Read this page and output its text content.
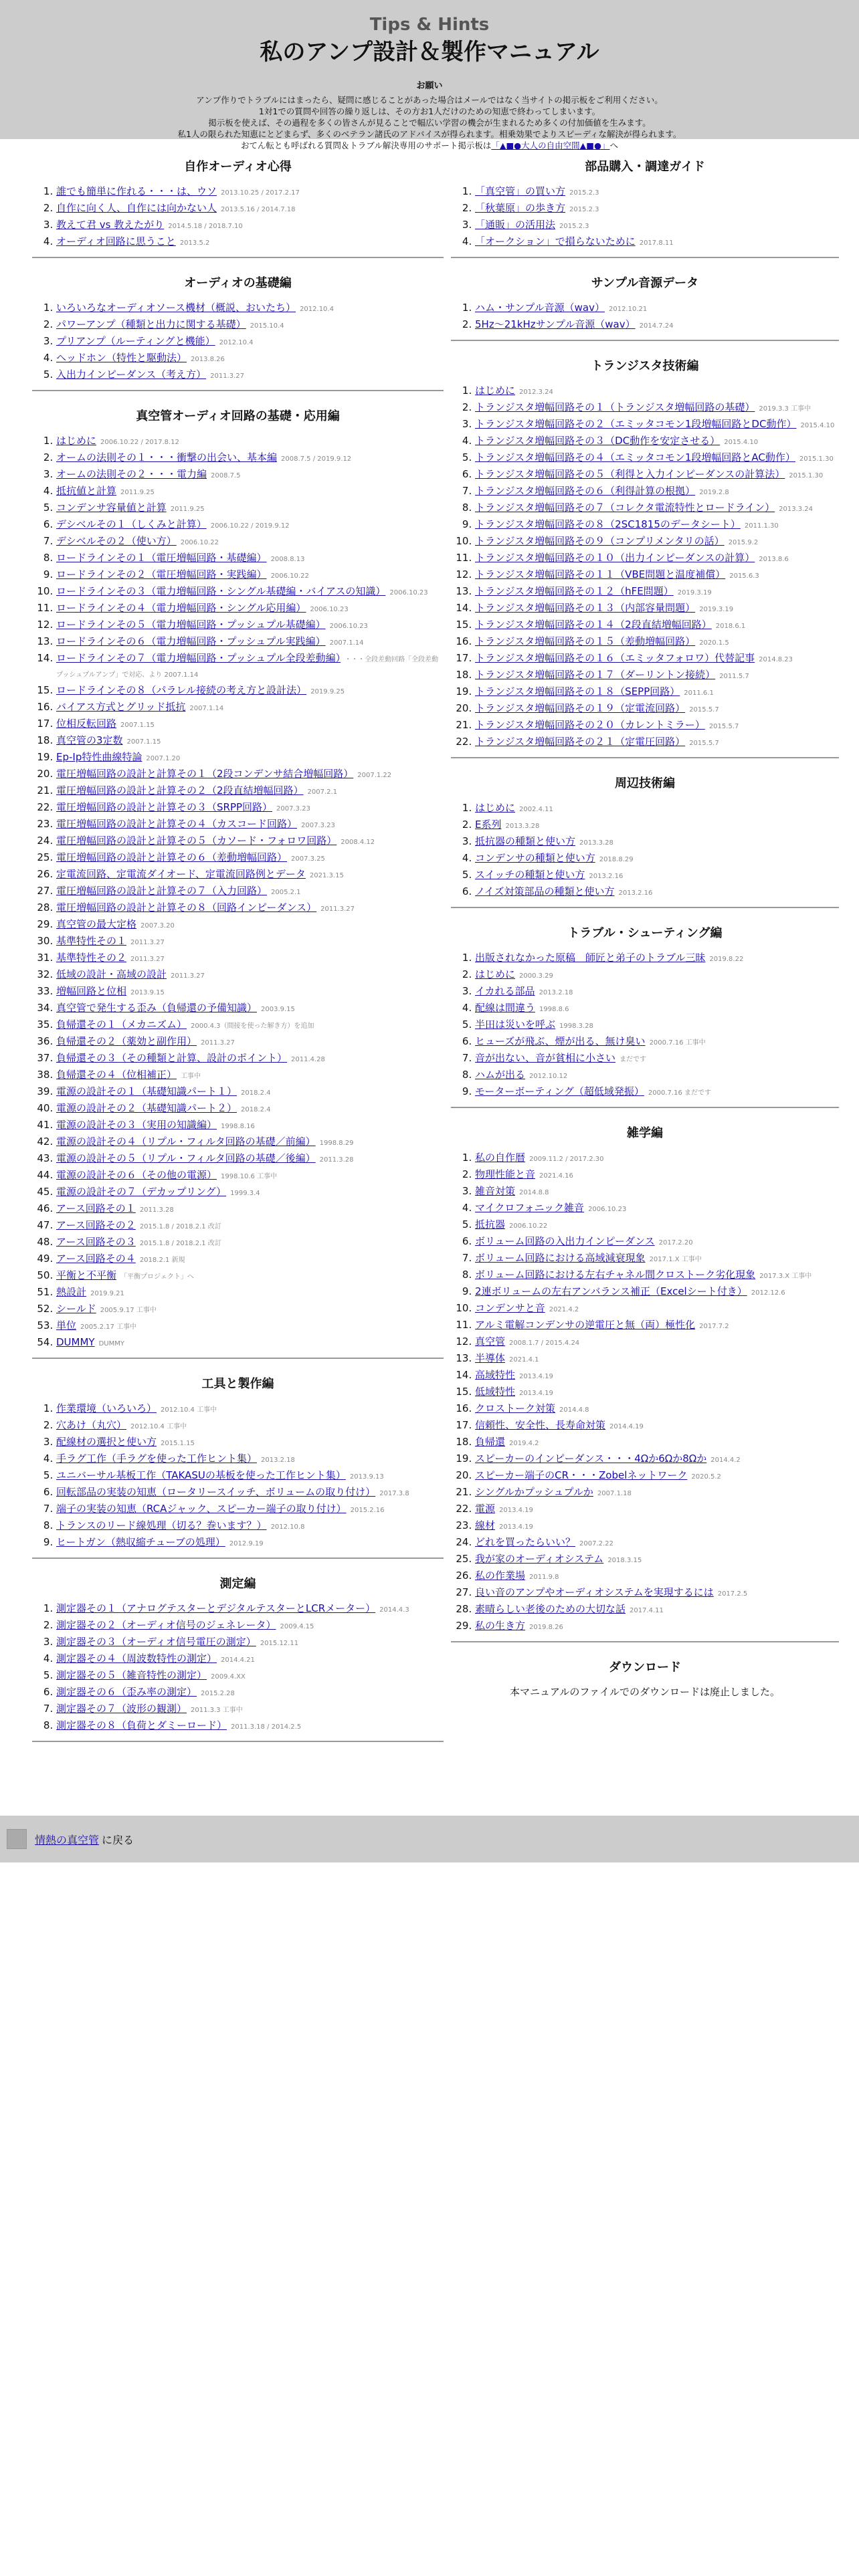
Tips & Hints
私のアンプ設計＆製作マニュアル

お願い

アンプ作りでトラブルにはまったら、疑問に感じることがあった場合はメールではなく当サイトの掲示板をご利用ください。

1対1での質問や回答の繰り返しは、その方お1人だけのための知恵で終わってしまいます。

掲示板を使えば、その過程を多くの皆さんが見ることで幅広い学習の機会が生まれるため多くの付加価値を生みます。

私1人の限られた知恵にとどまらず、多くのベテラン諸氏のアドバイスが得られます。相乗効果でよりスピーディな解決が得られます。

おてん転とも呼ばれる質問＆トラブル解決専用のサポート掲示板は「▲■●大人の自由空間▲■●」へ

自作オーディオ心得
1. 誰でも簡単に作れる・・・は、ウソ 2013.10.25 / 2017.2.17
2. 自作に向く人、自作には向かない人 2013.5.16 / 2014.7.18
3. 教えて君 vs 教えたがり 2014.5.18 / 2018.7.10
4. オーディオ回路に思うこと 2013.5.2
オーディオの基礎編
1. いろいろなオーディオソース機材（概説、おいたち） 2012.10.4
2. パワーアンプ（種類と出力に関する基礎） 2015.10.4
3. プリアンプ（ルーティングと機能） 2012.10.4
4. ヘッドホン（特性と駆動法） 2013.8.26
5. 入出力インピーダンス（考え方） 2011.3.27
真空管オーディオ回路の基礎・応用編
1. はじめに 2006.10.22 / 2017.8.12
2. オームの法則その１・・・衝撃の出会い、基本編 2008.7.5 / 2019.9.12
3. オームの法則その２・・・電力編 2008.7.5
4. 抵抗値と計算 2011.9.25
5. コンデンサ容量値と計算 2011.9.25
6. デシベルその１（しくみと計算） 2006.10.22 / 2019.9.12
7. デシベルその２（使い方） 2006.10.22
8. ロードラインその１（電圧増幅回路・基礎編） 2008.8.13
9. ロードラインその２（電圧増幅回路・実践編） 2006.10.22
10. ロードラインその３（電力増幅回路・シングル基礎編・バイアスの知識） 2006.10.23
11. ロードラインその４（電力増幅回路・シングル応用編） 2006.10.23
12. ロードラインその５（電力増幅回路・プッシュプル基礎編） 2006.10.23
13. ロードラインその６（電力増幅回路・プッシュプル実践編） 2007.1.14
14. ロードラインその７（電力増幅回路・プッシュプル全段差動編） ・・・全段差動回路「全段差動プッシュプルアンプ」で対応、より 2007.1.14
15. ロードラインその８（パラレル接続の考え方と設計法） 2019.9.25
16. バイアス方式とグリッド抵抗 2007.1.14
17. 位相反転回路 2007.1.15
18. 真空管の3定数 2007.1.15
19. Ep-Ip特性曲線特論 2007.1.20
20. 電圧増幅回路の設計と計算その１（2段コンデンサ結合増幅回路） 2007.1.22
21. 電圧増幅回路の設計と計算その２（2段直結増幅回路） 2007.2.1
22. 電圧増幅回路の設計と計算その３（SRPP回路） 2007.3.23
23. 電圧増幅回路の設計と計算その４（カスコード回路） 2007.3.23
24. 電圧増幅回路の設計と計算その５（カソード・フォロワ回路） 2008.4.12
25. 電圧増幅回路の設計と計算その６（差動増幅回路） 2007.3.25
26. 定電流回路、定電流ダイオード、定電流回路例とデータ 2021.3.15
27. 電圧増幅回路の設計と計算その７（入力回路） 2005.2.1
28. 電圧増幅回路の設計と計算その８（回路インピーダンス） 2011.3.27
29. 真空管の最大定格 2007.3.20
30. 基準特性その１ 2011.3.27
31. 基準特性その２ 2011.3.27
32. 低域の設計・高域の設計 2011.3.27
33. 増幅回路と位相 2013.9.15
34. 真空管で発生する歪み（負帰還の予備知識） 2003.9.15
35. 負帰還その１（メカニズム） 2000.4.3（間接を使った解き方）を追加
36. 負帰還その２（薬効と副作用） 2011.3.27
37. 負帰還その３（その種類と計算、設計のポイント） 2011.4.28
38. 負帰還その４（位相補正） 工事中
39. 電源の設計その１（基礎知識パート１） 2018.2.4
40. 電源の設計その２（基礎知識パート２） 2018.2.4
41. 電源の設計その３（実用の知識編） 1998.8.16
42. 電源の設計その４（リプル・フィルタ回路の基礎／前編） 1998.8.29
43. 電源の設計その５（リプル・フィルタ回路の基礎／後編） 2011.3.28
44. 電源の設計その６（その他の電源） 1998.10.6 工事中
45. 電源の設計その７（デカップリング） 1999.3.4
46. アース回路その１ 2011.3.28
47. アース回路その２ 2015.1.8 / 2018.2.1 改訂
48. アース回路その３ 2015.1.8 / 2018.2.1 改訂
49. アース回路その４ 2018.2.1 新規
50. 平衡と不平衡 「平衡プロジェクト」へ
51. 熱設計 2019.9.21
52. シールド 2005.9.17 工事中
53. 単位 2005.2.17 工事中
54. DUMMY DUMMY
工具と製作編
1. 作業環境（いろいろ） 2012.10.4 工事中
2. 穴あけ（丸穴） 2012.10.4 工事中
3. 配線材の選択と使い方 2015.1.15
4. 手ラグ工作（手ラグを使った工作ヒント集） 2013.2.18
5. ユニバーサル基板工作（TAKASUの基板を使った工作ヒント集） 2013.9.13
6. 回転部品の実装の知恵（ロータリースイッチ、ボリュームの取り付け） 2017.3.8
7. 端子の実装の知恵（RCAジャック、スピーカー端子の取り付け） 2015.2.16
8. トランスのリード線処理（切る？巻います？） 2012.10.8
9. ヒートガン（熱収縮チューブの処理） 2012.9.19
測定編
1. 測定器その１（アナログテスターとデジタルテスターとLCRメーター） 2014.4.3
2. 測定器その２（オーディオ信号のジェネレータ） 2009.4.15
3. 測定器その３（オーディオ信号電圧の測定） 2015.12.11
4. 測定器その４（周波数特性の測定） 2014.4.21
5. 測定器その５（雑音特性の測定） 2009.4.XX
6. 測定器その６（歪み率の測定） 2015.2.28
7. 測定器その７（波形の観測） 2011.3.3 工事中
8. 測定器その８（負荷とダミーロード） 2011.3.18 / 2014.2.5
部品購入・調達ガイド
1. 「真空管」の買い方 2015.2.3
2. 「秋葉原」の歩き方 2015.2.3
3. 「通販」の活用法 2015.2.3
4. 「オークション」で損らないために 2017.8.11
サンプル音源データ
1. ハム・サンプル音源（wav） 2012.10.21
2. 5Hz～21kHzサンプル音源（wav） 2014.7.24
トランジスタ技術編
1. はじめに 2012.3.24
2. トランジスタ増幅回路その１（トランジスタ増幅回路の基礎） 2019.3.3 工事中
3. トランジスタ増幅回路その２（エミッタコモン1段増幅回路とDC動作） 2015.4.10
4. トランジスタ増幅回路その３（DC動作を安定させる） 2015.4.10
5. トランジスタ増幅回路その４（エミッタコモン1段増幅回路とAC動作） 2015.1.30
6. トランジスタ増幅回路その５（利得と入力インピーダンスの計算法） 2015.1.30
7. トランジスタ増幅回路その６（利得計算の根拠） 2019.2.8
8. トランジスタ増幅回路その７（コレクタ電流特性とロードライン） 2013.3.24
9. トランジスタ増幅回路その８（2SC1815のデータシート） 2011.1.30
10. トランジスタ増幅回路その９（コンプリメンタリの話） 2015.9.2
11. トランジスタ増幅回路その１０（出力インピーダンスの計算） 2013.8.6
12. トランジスタ増幅回路その１１（VBE問題と温度補償） 2015.6.3
13. トランジスタ増幅回路その１２（hFE問題） 2019.3.19
14. トランジスタ増幅回路その１３（内部容量問題） 2019.3.19
15. トランジスタ増幅回路その１４（2段直結増幅回路） 2018.6.1
16. トランジスタ増幅回路その１５（差動増幅回路） 2020.1.5
17. トランジスタ増幅回路その１６（エミッタフォロワ）代替記事 2014.8.23
18. トランジスタ増幅回路その１７（ダーリントン接続） 2011.5.7
19. トランジスタ増幅回路その１８（SEPP回路） 2011.6.1
20. トランジスタ増幅回路その１９（定電流回路） 2015.5.7
21. トランジスタ増幅回路その２０（カレントミラー） 2015.5.7
22. トランジスタ増幅回路その２１（定電圧回路） 2015.5.7
周辺技術編
1. はじめに 2002.4.11
2. E系列 2013.3.28
3. 抵抗器の種類と使い方 2013.3.28
4. コンデンサの種類と使い方 2018.8.29
5. スイッチの種類と使い方 2013.2.16
6. ノイズ対策部品の種類と使い方 2013.2.16
トラブル・シューティング編
1. 出版されなかった原稿　師匠と弟子のトラブル三昧 2019.8.22
2. はじめに 2000.3.29
3. イカれる部品 2013.2.18
4. 配線は間違う 1998.8.6
5. 半田は災いを呼ぶ 1998.3.28
6. ヒューズが飛ぶ、煙が出る、無け臭い 2000.7.16 工事中
7. 音が出ない、音が貧相に小さい まだです
8. ハムが出る 2012.10.12
9. モーターボーティング（超低域発振） 2000.7.16 まだです
雑学編
1. 私の自作暦 2009.11.2 / 2017.2.30
2. 物理性能と音 2021.4.16
3. 雑音対策 2014.8.8
4. マイクロフォニック雑音 2006.10.23
5. 抵抗器 2006.10.22
6. ボリューム回路の入出力インピーダンス 2017.2.20
7. ボリューム回路における高域減衰現象 2017.1.X 工事中
8. ボリューム回路における左右チャネル間クロストーク劣化現象 2017.3.X 工事中
9. 2連ボリュームの左右アンバランス補正（Excelシート付き） 2012.12.6
10. コンデンサと音 2021.4.2
11. アルミ電解コンデンサの逆電圧と無（両）極性化 2017.7.2
12. 真空管 2008.1.7 / 2015.4.24
13. 半導体 2021.4.1
14. 高域特性 2013.4.19
15. 低域特性 2013.4.19
16. クロストーク対策 2014.4.8
17. 信頼性、安全性、長寿命対策 2014.4.19
18. 負帰還 2019.4.2
19. スピーカーのインピーダンス・・・4Ωか6Ωか8Ωか 2014.4.2
20. スピーカー端子のCR・・・Zobelネットワーク 2020.5.2
21. シングルかプッシュプルか 2007.1.18
22. 電源 2013.4.19
23. 線材 2013.4.19
24. どれを買ったらいい？ 2007.2.22
25. 我が家のオーディオシステム 2018.3.15
26. 私の作業場 2011.9.8
27. 良い音のアンプやオーディオシステムを実現するには 2017.2.5
28. 素晴らしい老後のための大切な話 2017.4.11
29. 私の生き方 2019.8.26
ダウンロード

本マニュアルのファイルでのダウンロードは廃止しました。

情熱の真空管 に戻る
